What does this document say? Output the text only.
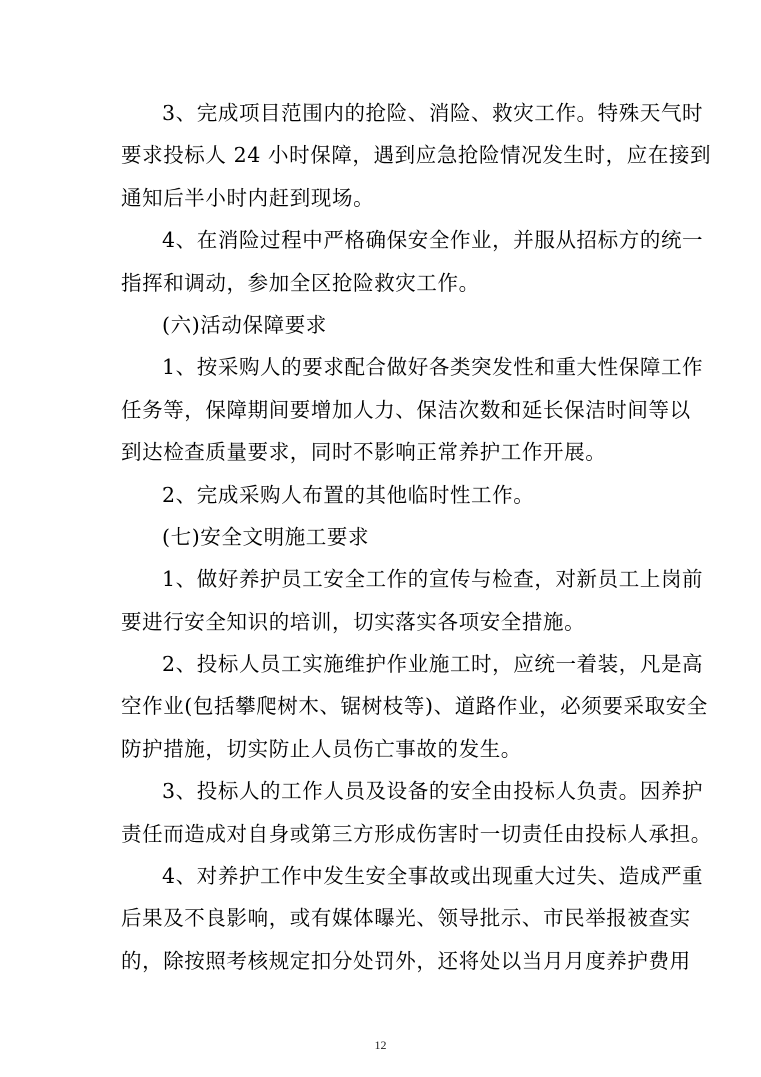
3、完成项目范围内的抢险、消险、救灾工作。特殊天气时
要求投标人 24 小时保障，遇到应急抢险情况发生时，应在接到
通知后半小时内赶到现场。
4、在消险过程中严格确保安全作业，并服从招标方的统一
指挥和调动，参加全区抢险救灾工作。
(六)活动保障要求
1、按采购人的要求配合做好各类突发性和重大性保障工作
任务等，保障期间要增加人力、保洁次数和延长保洁时间等以
到达检查质量要求，同时不影响正常养护工作开展。
2、完成采购人布置的其他临时性工作。
(七)安全文明施工要求
1、做好养护员工安全工作的宣传与检查，对新员工上岗前
要进行安全知识的培训，切实落实各项安全措施。
2、投标人员工实施维护作业施工时，应统一着装，凡是高
空作业(包括攀爬树木、锯树枝等)、道路作业，必须要采取安全
防护措施，切实防止人员伤亡事故的发生。
3、投标人的工作人员及设备的安全由投标人负责。因养护
责任而造成对自身或第三方形成伤害时一切责任由投标人承担。
4、对养护工作中发生安全事故或出现重大过失、造成严重
后果及不良影响，或有媒体曝光、领导批示、市民举报被查实
的，除按照考核规定扣分处罚外，还将处以当月月度养护费用
12
